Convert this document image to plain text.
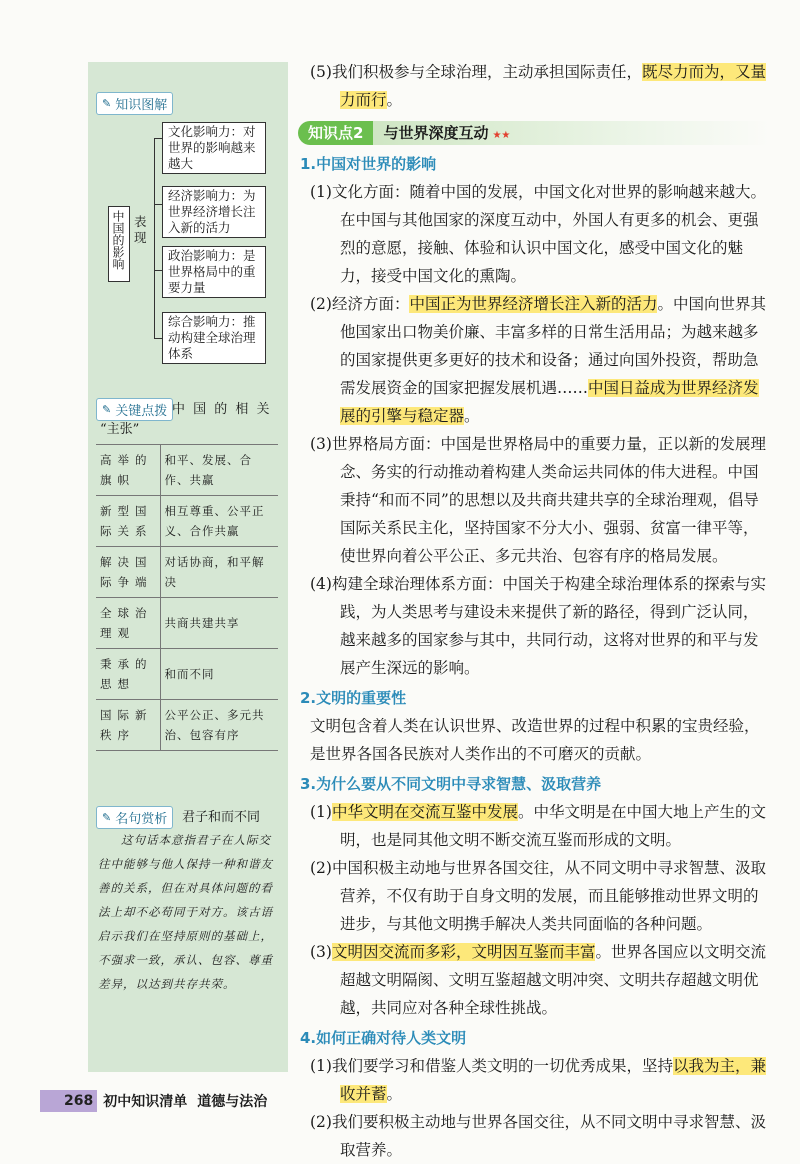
✎ 知识图解
中国的影响 表现
文化影响力：对世界的影响越来越大
经济影响力：为世界经济增长注入新的活力
政治影响力：是世界格局中的重要力量
综合影响力：推动构建全球治理体系
✎ 关键点拨 中 国 的 相 关
“主张”
高举的旗帜	和平、发展、合作、共赢
新型国际关系	相互尊重、公平正义、合作共赢
解决国际争端	对话协商，和平解决
全球治理观	共商共建共享
秉承的思想	和而不同
国际新秩序	公平公正、多元共治、包容有序
✎ 名句赏析 君子和而不同
这句话本意指君子在人际交往中能够与他人保持一种和谐友善的关系，但在对具体问题的看法上却不必苟同于对方。该古语启示我们在坚持原则的基础上，不强求一致，承认、包容、尊重差异，以达到共存共荣。
(5)我们积极参与全球治理，主动承担国际责任，既尽力而为，又量力而行。
知识点2	与世界深度互动 ★★
1.中国对世界的影响
(1)文化方面：随着中国的发展，中国文化对世界的影响越来越大。在中国与其他国家的深度互动中，外国人有更多的机会、更强烈的意愿，接触、体验和认识中国文化，感受中国文化的魅力，接受中国文化的熏陶。
(2)经济方面：中国正为世界经济增长注入新的活力。中国向世界其他国家出口物美价廉、丰富多样的日常生活用品；为越来越多的国家提供更多更好的技术和设备；通过向国外投资，帮助急需发展资金的国家把握发展机遇……中国日益成为世界经济发展的引擎与稳定器。
(3)世界格局方面：中国是世界格局中的重要力量，正以新的发展理念、务实的行动推动着构建人类命运共同体的伟大进程。中国秉持“和而不同”的思想以及共商共建共享的全球治理观，倡导国际关系民主化，坚持国家不分大小、强弱、贫富一律平等，使世界向着公平公正、多元共治、包容有序的格局发展。
(4)构建全球治理体系方面：中国关于构建全球治理体系的探索与实践，为人类思考与建设未来提供了新的路径，得到广泛认同，越来越多的国家参与其中，共同行动，这将对世界的和平与发展产生深远的影响。
2.文明的重要性
文明包含着人类在认识世界、改造世界的过程中积累的宝贵经验，是世界各国各民族对人类作出的不可磨灭的贡献。
3.为什么要从不同文明中寻求智慧、汲取营养
(1)中华文明在交流互鉴中发展。中华文明是在中国大地上产生的文明，也是同其他文明不断交流互鉴而形成的文明。
(2)中国积极主动地与世界各国交往，从不同文明中寻求智慧、汲取营养，不仅有助于自身文明的发展，而且能够推动世界文明的进步，与其他文明携手解决人类共同面临的各种问题。
(3)文明因交流而多彩，文明因互鉴而丰富。世界各国应以文明交流超越文明隔阂、文明互鉴超越文明冲突、文明共存超越文明优越，共同应对各种全球性挑战。
4.如何正确对待人类文明
(1)我们要学习和借鉴人类文明的一切优秀成果，坚持以我为主，兼收并蓄。
(2)我们要积极主动地与世界各国交往，从不同文明中寻求智慧、汲取营养。
268 初中知识清单 道德与法治
